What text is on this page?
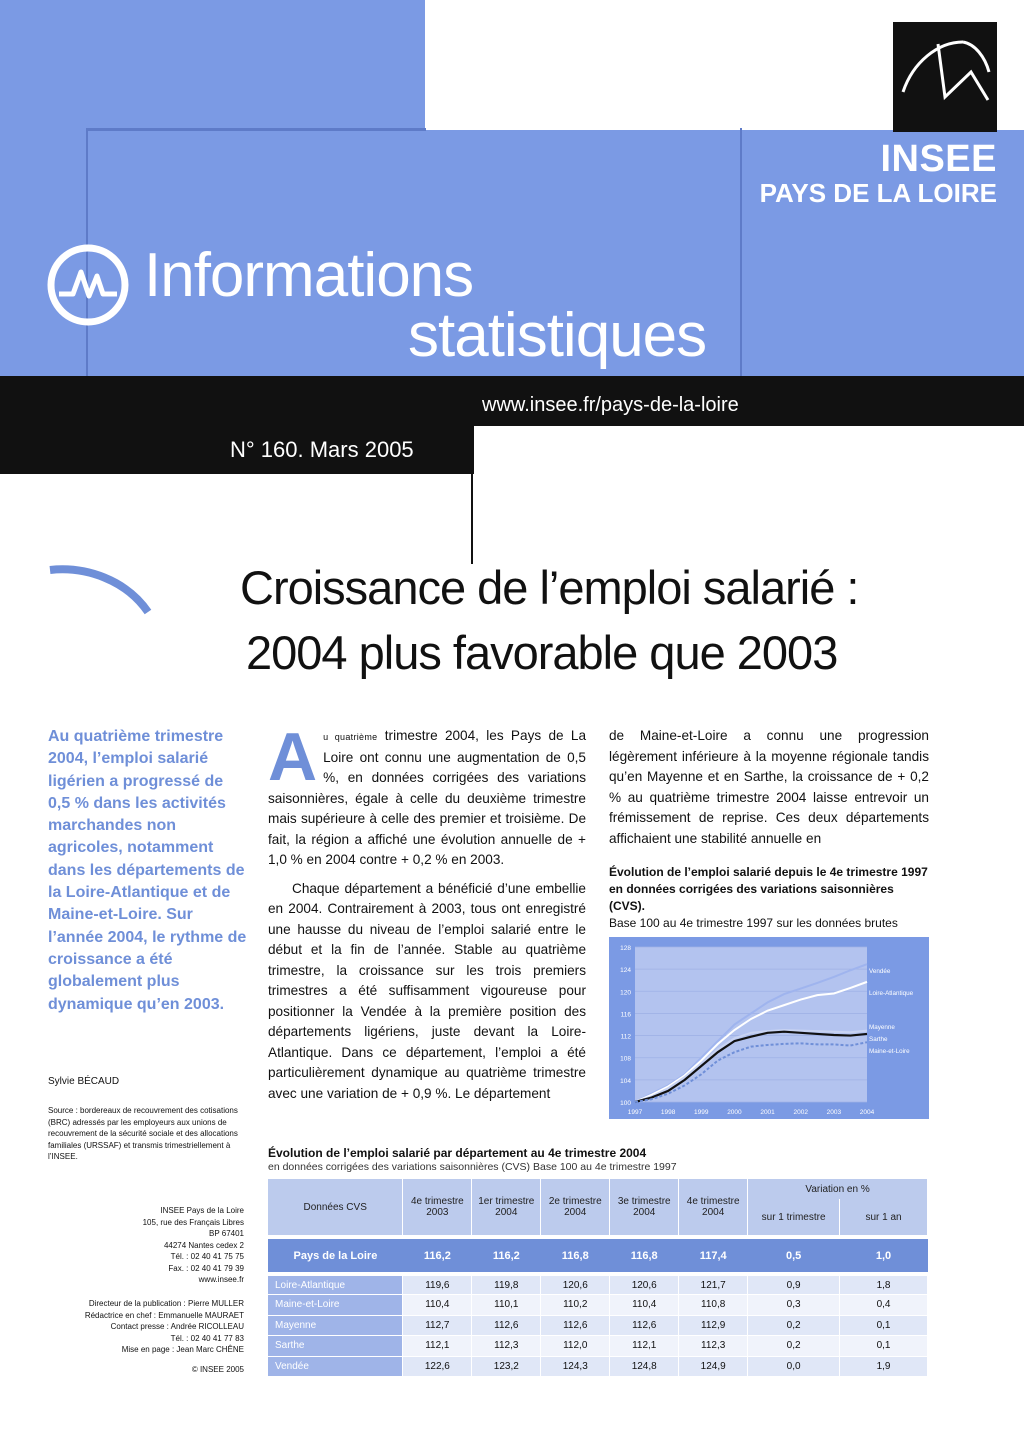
INSEE
PAYS DE LA LOIRE
Informations
statistiques
www.insee.fr/pays-de-la-loire
N° 160. Mars 2005
Croissance de l’emploi salarié :
2004 plus favorable que 2003
Au quatrième trimestre 2004, l’emploi salarié ligérien a progressé de 0,5 % dans les activités marchandes non agricoles, notamment dans les départements de la Loire-Atlantique et de Maine-et-Loire. Sur l’année 2004, le rythme de croissance a été globalement plus dynamique qu’en 2003.
Sylvie BÉCAUD
Source : bordereaux de recouvrement des cotisations (BRC) adressés par les employeurs aux unions de recouvrement de la sécurité sociale et des allocations familiales (URSSAF) et transmis trimestriellement à l’INSEE.
INSEE Pays de la Loire
105, rue des Français Libres
BP 67401
44274 Nantes cedex 2
Tél. : 02 40 41 75 75
Fax. : 02 40 41 79 39
www.insee.fr
Directeur de la publication : Pierre MULLER
Rédactrice en chef : Emmanuelle MAURAET
Contact presse : Andrée RICOLLEAU
Tél. : 02 40 41 77 83
Mise en page : Jean Marc CHÊNE
© INSEE 2005
Au quatrième trimestre 2004, les Pays de La Loire ont connu une augmentation de 0,5 %, en données corrigées des variations saisonnières, égale à celle du deuxième trimestre mais supérieure à celle des premier et troisième. De fait, la région a affiché une évolution annuelle de + 1,0 % en 2004 contre + 0,2 % en 2003.
Chaque département a bénéficié d’une embellie en 2004. Contrairement à 2003, tous ont enregistré une hausse du niveau de l’emploi salarié entre le début et la fin de l’année. Stable au quatrième trimestre, la croissance sur les trois premiers trimestres a été suffisamment vigoureuse pour positionner la Vendée à la première position des départements ligériens, juste devant la Loire-Atlantique. Dans ce département, l’emploi a été particulièrement dynamique au quatrième trimestre avec une variation de + 0,9 %. Le département
de Maine-et-Loire a connu une progression légèrement inférieure à la moyenne régionale tandis qu’en Mayenne et en Sarthe, la croissance de + 0,2 % au quatrième trimestre 2004 laisse entrevoir un frémissement de reprise. Ces deux départements affichaient une stabilité annuelle en
Évolution de l’emploi salarié depuis le 4e trimestre 1997 en données corrigées des variations saisonnières (CVS).
Base 100 au 4e trimestre 1997 sur les données brutes
100
104
108
112
116
120
124
128
1997	1998	1999	2000	2001	2002	2003	2004
Vendée
Loire-Atlantique
Mayenne
Sarthe
Maine-et-Loire
Évolution de l’emploi salarié par département au 4e trimestre 2004
en données corrigées des variations saisonnières (CVS) Base 100 au 4e trimestre 1997
Données CVS	4e trimestre 2003	1er trimestre 2004	2e trimestre 2004	3e trimestre 2004	4e trimestre 2004	Variation en %	
						sur 1 trimestre	sur 1 an
Pays de la Loire	116,2	116,2	116,8	116,8	117,4	0,5	1,0
Loire-Atlantique	119,6	119,8	120,6	120,6	121,7	0,9	1,8
Maine-et-Loire	110,4	110,1	110,2	110,4	110,8	0,3	0,4
Mayenne	112,7	112,6	112,6	112,6	112,9	0,2	0,1
Sarthe	112,1	112,3	112,0	112,1	112,3	0,2	0,1
Vendée	122,6	123,2	124,3	124,8	124,9	0,0	1,9
